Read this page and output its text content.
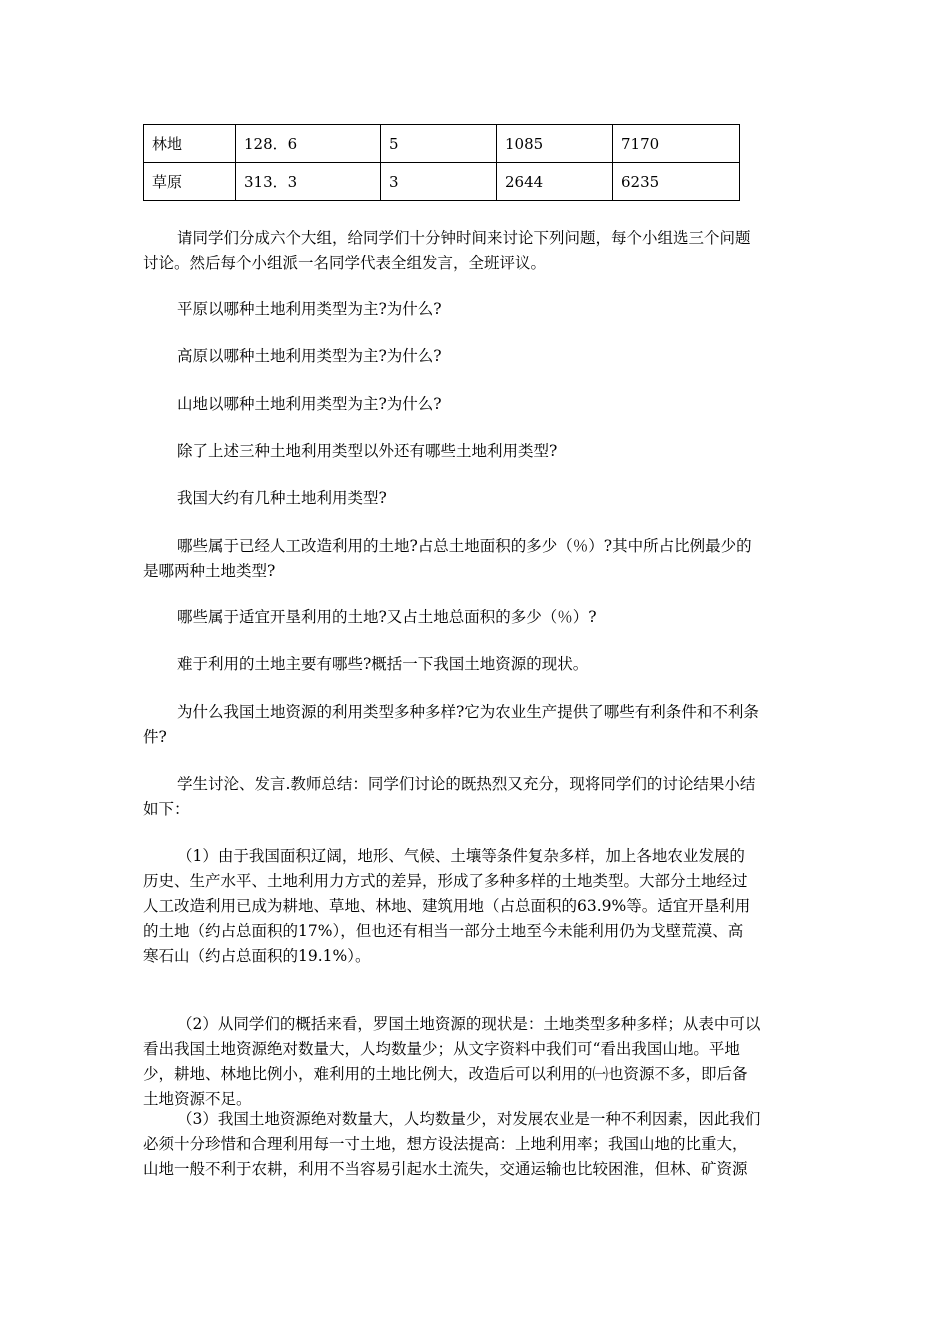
林地	128．6	5	1085	7170
草原	313．3	3	2644	6235

请同学们分成六个大组，给同学们十分钟时间来讨论下列问题，每个小组选三个问题
讨论。然后每个小组派一名同学代表全组发言，全班评议。

平原以哪种土地利用类型为主?为什么?

高原以哪种土地利用类型为主?为什么?

山地以哪种土地利用类型为主?为什么?

除了上述三种土地利用类型以外还有哪些土地利用类型?

我国大约有几种土地利用类型?

哪些属于已经人工改造利用的土地?占总土地面积的多少（％）?其中所占比例最少的
是哪两种土地类型?

哪些属于适宜开垦利用的土地?又占土地总面积的多少（％）?

难于利用的土地主要有哪些?概括一下我国土地资源的现状。

为什么我国土地资源的利用类型多种多样?它为农业生产提供了哪些有利条件和不利条
件?

学生讨沦、发言.教师总结：同学们讨论的既热烈又充分，现将同学们的讨论结果小结
如下：

（1）由于我国面积辽阔，地形、气候、土壤等条件复杂多样，加上各地农业发展的
历史、生产水平、土地利用力方式的差异，形成了多种多样的土地类型。大部分土地经过
人工改造利用已成为耕地、草地、林地、建筑用地（占总面积的63.9%等。适宜开垦利用
的土地（约占总面积的17%），但也还有相当一部分土地至今未能利用仍为戈壁荒漠、高
寒石山（约占总面积的19.1%）。

（2）从同学们的概括来看，罗国土地资源的现状是：土地类型多种多样；从表中可以
看出我国土地资源绝对数量大，人均数量少；从文字资料中我们可“看出我国山地。平地
少，耕地、林地比例小，难利用的土地比例大，改造后可以利用的㈠也资源不多，即后备
土地资源不足。

（3）我国土地资源绝对数量大，人均数量少，对发展农业是一种不利因素，因此我们
必须十分珍惜和合理利用每一寸土地，想方设法提高：上地利用率；我国山地的比重大，
山地一般不利于农耕，利用不当容易引起水土流失，交通运输也比较困淮，但林、矿资源
